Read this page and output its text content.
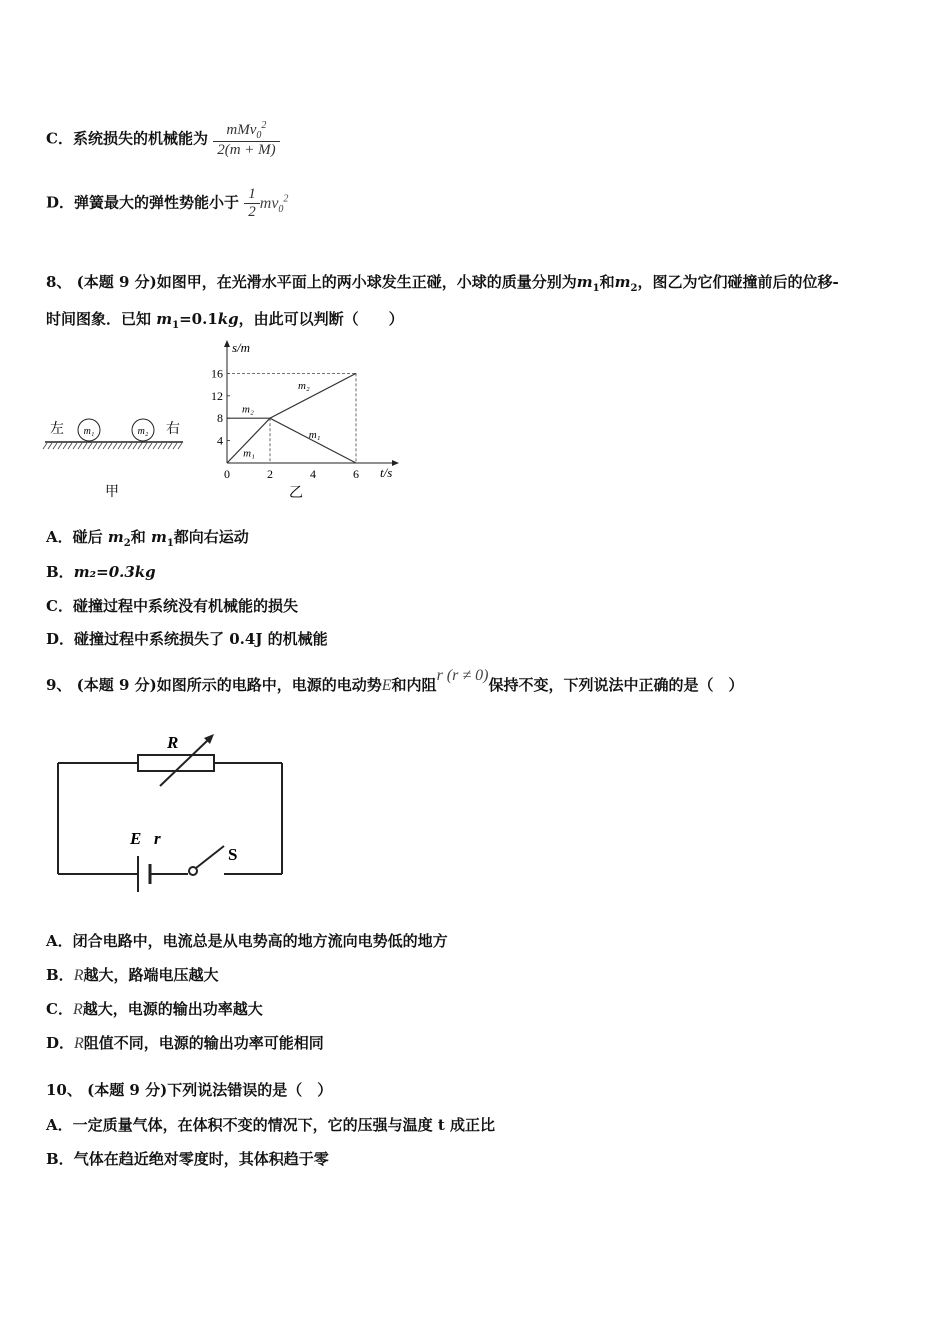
C．系统损失的机械能为 $\frac{mMv_0^2}{2(m + M)}$
D．弹簧最大的弹性势能小于 $\frac{1}{2} mv_0^2$
8、 (本题 9 分)如图甲，在光滑水平面上的两小球发生正碰，小球的质量分别为$m_1$和$m_2$，图乙为它们碰撞前后的位移-
时间图象．已知 $m_1=0.1kg$，由此可以判断（　　）
左 m₁	m₂ 右
甲
s/m
t/s
16
12
8
4
0	2	4	6
m₂
m₂
m₁
m₁
乙
A．碰后 $m_2$和 $m_1$都向右运动
B．m₂=0.3kg
C．碰撞过程中系统没有机械能的损失
D．碰撞过程中系统损失了 0.4J 的机械能
9、 (本题 9 分)如图所示的电路中，电源的电动势E和内阻r (r ≠ 0)保持不变，下列说法中正确的是（　）
R
E r
S
A．闭合电路中，电流总是从电势高的地方流向电势低的地方
B．R越大，路端电压越大
C．R越大，电源的输出功率越大
D．R阻值不同，电源的输出功率可能相同
10、 (本题 9 分)下列说法错误的是（　）
A．一定质量气体，在体积不变的情况下，它的压强与温度 t 成正比
B．气体在趋近绝对零度时，其体积趋于零
